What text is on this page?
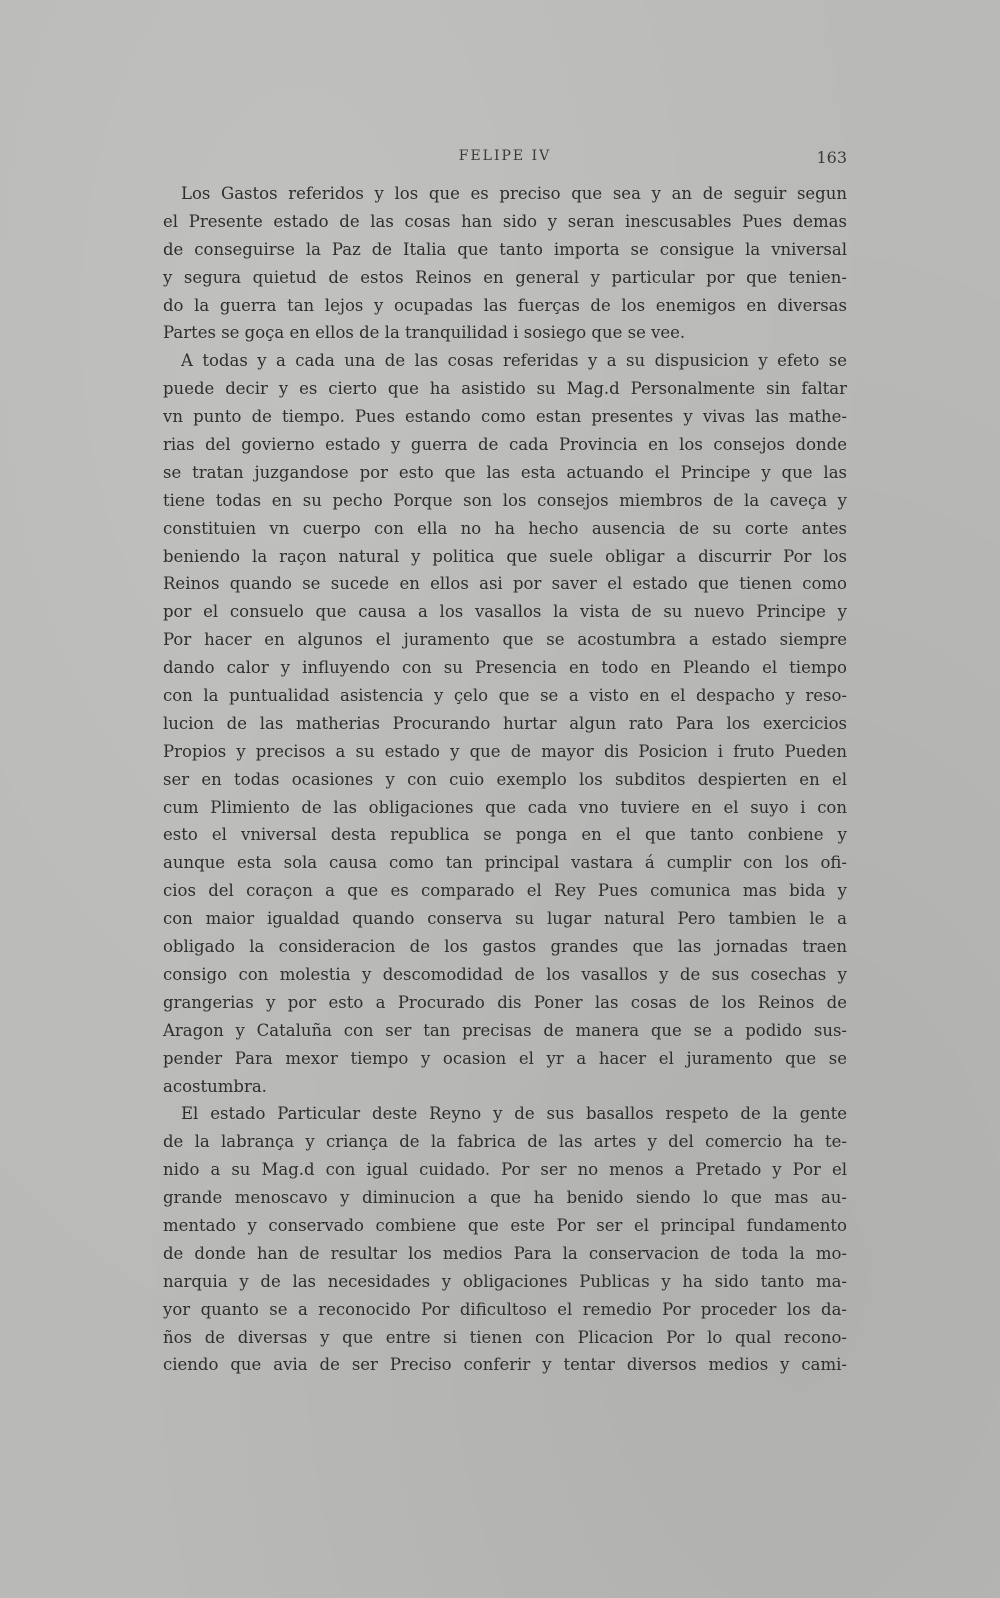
FELIPE IV	163
Los Gastos referidos y los que es preciso que sea y an de seguir segun
el Presente estado de las cosas han sido y seran inescusables Pues demas
de conseguirse la Paz de Italia que tanto importa se consigue la vniversal
y segura quietud de estos Reinos en general y particular por que tenien-
do la guerra tan lejos y ocupadas las fuerças de los enemigos en diversas
Partes se goça en ellos de la tranquilidad i sosiego que se vee.
A todas y a cada una de las cosas referidas y a su dispusicion y efeto se
puede decir y es cierto que ha asistido su Mag.d Personalmente sin faltar
vn punto de tiempo. Pues estando como estan presentes y vivas las mathe-
rias del govierno estado y guerra de cada Provincia en los consejos donde
se tratan juzgandose por esto que las esta actuando el Principe y que las
tiene todas en su pecho Porque son los consejos miembros de la caveça y
constituien vn cuerpo con ella no ha hecho ausencia de su corte antes
beniendo la raçon natural y politica que suele obligar a discurrir Por los
Reinos quando se sucede en ellos asi por saver el estado que tienen como
por el consuelo que causa a los vasallos la vista de su nuevo Principe y
Por hacer en algunos el juramento que se acostumbra a estado siempre
dando calor y influyendo con su Presencia en todo en Pleando el tiempo
con la puntualidad asistencia y çelo que se a visto en el despacho y reso-
lucion de las matherias Procurando hurtar algun rato Para los exercicios
Propios y precisos a su estado y que de mayor dis Posicion i fruto Pueden
ser en todas ocasiones y con cuio exemplo los subditos despierten en el
cum Plimiento de las obligaciones que cada vno tuviere en el suyo i con
esto el vniversal desta republica se ponga en el que tanto conbiene y
aunque esta sola causa como tan principal vastara á cumplir con los ofi-
cios del coraçon a que es comparado el Rey Pues comunica mas bida y
con maior igualdad quando conserva su lugar natural Pero tambien le a
obligado la consideracion de los gastos grandes que las jornadas traen
consigo con molestia y descomodidad de los vasallos y de sus cosechas y
grangerias y por esto a Procurado dis Poner las cosas de los Reinos de
Aragon y Cataluña con ser tan precisas de manera que se a podido sus-
pender Para mexor tiempo y ocasion el yr a hacer el juramento que se
acostumbra.
El estado Particular deste Reyno y de sus basallos respeto de la gente
de la labrança y criança de la fabrica de las artes y del comercio ha te-
nido a su Mag.d con igual cuidado. Por ser no menos a Pretado y Por el
grande menoscavo y diminucion a que ha benido siendo lo que mas au-
mentado y conservado combiene que este Por ser el principal fundamento
de donde han de resultar los medios Para la conservacion de toda la mo-
narquia y de las necesidades y obligaciones Publicas y ha sido tanto ma-
yor quanto se a reconocido Por dificultoso el remedio Por proceder los da-
ños de diversas y que entre si tienen con Plicacion Por lo qual recono-
ciendo que avia de ser Preciso conferir y tentar diversos medios y cami-
